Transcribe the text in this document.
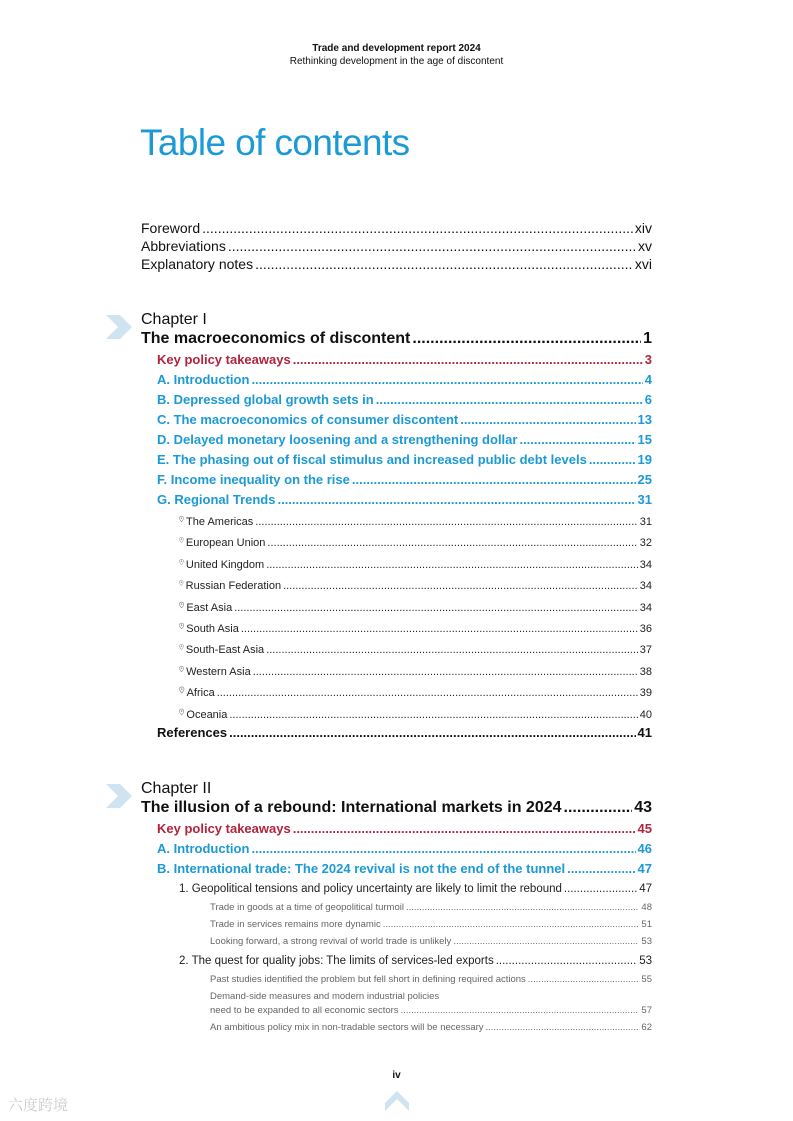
Trade and development report 2024
Rethinking development in the age of discontent
Table of contents
Foreword .....	xiv
Abbreviations .....	xv
Explanatory notes .....	xvi
Chapter I
The macroeconomics of discontent .....	1
Key policy takeaways .....	3
A. Introduction .....	4
B. Depressed global growth sets in .....	6
C. The macroeconomics of consumer discontent .....	13
D. Delayed monetary loosening and a strengthening dollar .....	15
E. The phasing out of fiscal stimulus and increased public debt levels .....	19
F. Income inequality on the rise .....	25
G. Regional Trends .....	31
The Americas .....	31
European Union .....	32
United Kingdom .....	34
Russian Federation .....	34
East Asia .....	34
South Asia .....	36
South-East Asia .....	37
Western Asia .....	38
Africa .....	39
Oceania .....	40
References .....	41
Chapter II
The illusion of a rebound: International markets in 2024 .....	43
Key policy takeaways .....	45
A. Introduction .....	46
B. International trade: The 2024 revival is not the end of the tunnel .....	47
1. Geopolitical tensions and policy uncertainty are likely to limit the rebound .....	47
Trade in goods at a time of geopolitical turmoil .....	48
Trade in services remains more dynamic .....	51
Looking forward, a strong revival of world trade is unlikely .....	53
2. The quest for quality jobs: The limits of services-led exports .....	53
Past studies identified the problem but fell short in defining required actions .....	55
Demand-side measures and modern industrial policies
need to be expanded to all economic sectors .....	57
An ambitious policy mix in non-tradable sectors will be necessary .....	62
iv
六度跨境
